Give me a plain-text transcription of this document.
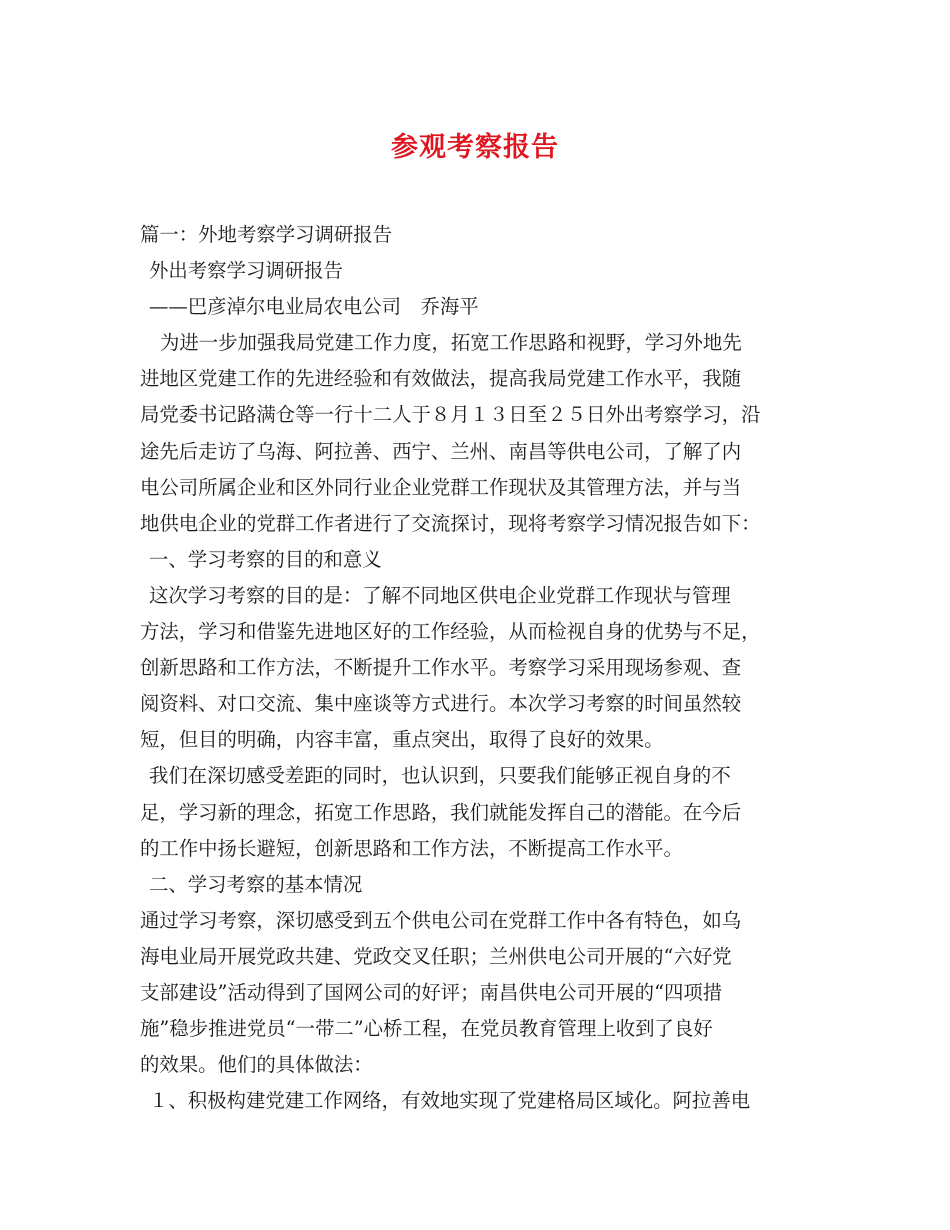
参观考察报告
篇一：外地考察学习调研报告
外出考察学习调研报告
——巴彦淖尔电业局农电公司　乔海平
为进一步加强我局党建工作力度，拓宽工作思路和视野，学习外地先
进地区党建工作的先进经验和有效做法，提高我局党建工作水平，我随
局党委书记路满仓等一行十二人于８月１３日至２５日外出考察学习，沿
途先后走访了乌海、阿拉善、西宁、兰州、南昌等供电公司，了解了内
电公司所属企业和区外同行业企业党群工作现状及其管理方法，并与当
地供电企业的党群工作者进行了交流探讨，现将考察学习情况报告如下：
一、学习考察的目的和意义
这次学习考察的目的是：了解不同地区供电企业党群工作现状与管理
方法，学习和借鉴先进地区好的工作经验，从而检视自身的优势与不足，
创新思路和工作方法，不断提升工作水平。考察学习采用现场参观、查
阅资料、对口交流、集中座谈等方式进行。本次学习考察的时间虽然较
短，但目的明确，内容丰富，重点突出，取得了良好的效果。
我们在深切感受差距的同时，也认识到，只要我们能够正视自身的不
足，学习新的理念，拓宽工作思路，我们就能发挥自己的潜能。在今后
的工作中扬长避短，创新思路和工作方法，不断提高工作水平。
二、学习考察的基本情况
通过学习考察，深切感受到五个供电公司在党群工作中各有特色，如乌
海电业局开展党政共建、党政交叉任职；兰州供电公司开展的“六好党
支部建设”活动得到了国网公司的好评；南昌供电公司开展的“四项措
施”稳步推进党员“一带二”心桥工程，在党员教育管理上收到了良好
的效果。他们的具体做法：
１、积极构建党建工作网络，有效地实现了党建格局区域化。阿拉善电
